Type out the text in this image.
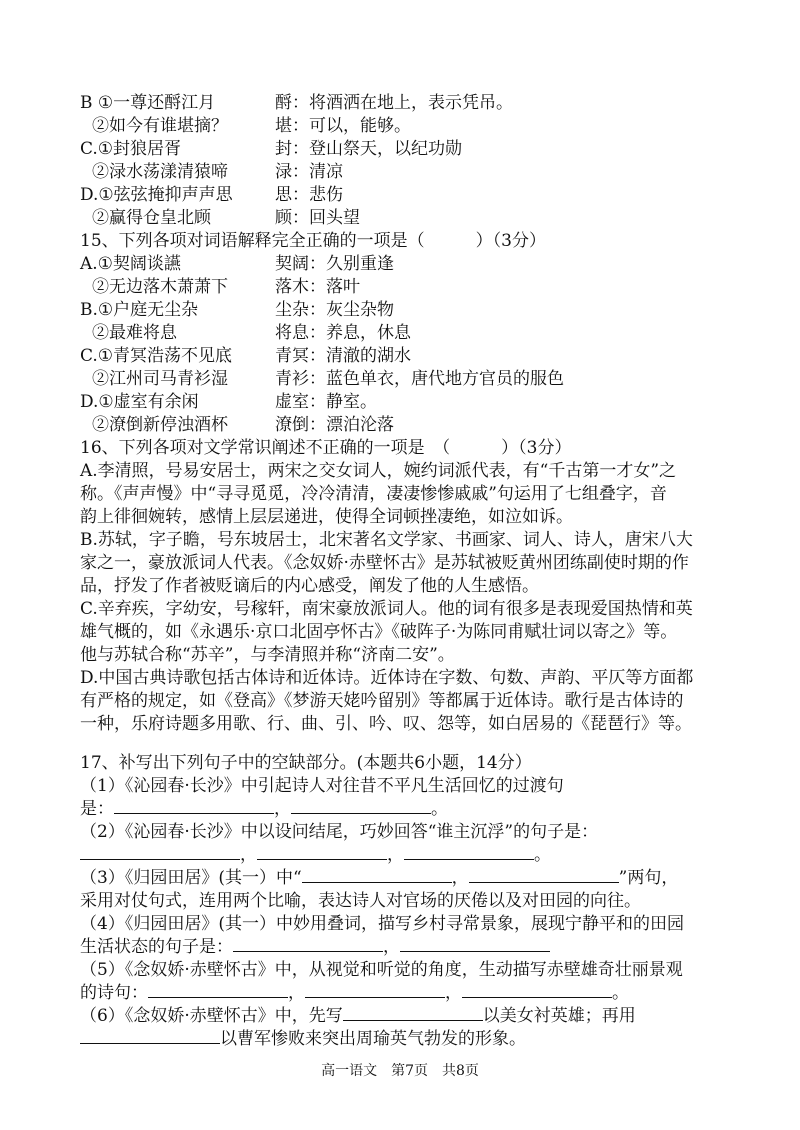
B ①一尊还酹江月	酹：将酒洒在地上，表示凭吊。
②如今有谁堪摘？	堪：可以，能够。
C.①封狼居胥	封：登山祭天，以纪功勋
②渌水荡漾清猿啼	渌：清凉
D.①弦弦掩抑声声思 思：悲伤
②赢得仓皇北顾	顾：回头望
15、下列各项对词语解释完全正确的一项是（　　　）（3分）
A.①契阔谈讌	契阔：久别重逢
②无边落木萧萧下	落木：落叶
B.①户庭无尘杂	尘杂：灰尘杂物
②最难将息	将息：养息，休息
C.①青冥浩荡不见底	青冥：清澈的湖水
②江州司马青衫湿	青衫：蓝色单衣，唐代地方官员的服色
D.①虚室有余闲	虚室：静室。
②潦倒新停浊酒杯	潦倒：漂泊沦落
16、下列各项对文学常识阐述不正确的一项是　（　　　）（3分）
A.李清照，号易安居士，两宋之交女词人，婉约词派代表，有“千古第一才女”之
称。《声声慢》中“寻寻觅觅，冷冷清清，凄凄惨惨戚戚”句运用了七组叠字，音
韵上徘徊婉转，感情上层层递进，使得全词顿挫凄绝，如泣如诉。
B.苏轼，字子瞻，号东坡居士，北宋著名文学家、书画家、词人、诗人，唐宋八大
家之一，豪放派词人代表。《念奴娇·赤壁怀古》是苏轼被贬黄州团练副使时期的作
品，抒发了作者被贬谪后的内心感受，阐发了他的人生感悟。
C.辛弃疾，字幼安，号稼轩，南宋豪放派词人。他的词有很多是表现爱国热情和英
雄气概的，如《永遇乐·京口北固亭怀古》《破阵子·为陈同甫赋壮词以寄之》等。
他与苏轼合称“苏辛”，与李清照并称“济南二安”。
D.中国古典诗歌包括古体诗和近体诗。近体诗在字数、句数、声韵、平仄等方面都
有严格的规定，如《登高》《梦游天姥吟留别》等都属于近体诗。歌行是古体诗的
一种，乐府诗题多用歌、行、曲、引、吟、叹、怨等，如白居易的《琵琶行》等。
17、补写出下列句子中的空缺部分。(本题共6小题，14分）
（1）《沁园春·长沙》中引起诗人对往昔不平凡生活回忆的过渡句
是：	，	。
（2）《沁园春·长沙》中以设问结尾，巧妙回答“谁主沉浮”的句子是：
，	，	。
（3）《归园田居》(其一）中“	，	”两句，
采用对仗句式，连用两个比喻，表达诗人对官场的厌倦以及对田园的向往。
（4）《归园田居》(其一）中妙用叠词，描写乡村寻常景象，展现宁静平和的田园
生活状态的句子是：	，
（5）《念奴娇·赤壁怀古》中，从视觉和听觉的角度，生动描写赤壁雄奇壮丽景观
的诗句：	，	，	。
（6）《念奴娇·赤壁怀古》中，先写	以美女衬英雄；再用
以曹军惨败来突出周瑜英气勃发的形象。
高一语文　第7页　共8页
